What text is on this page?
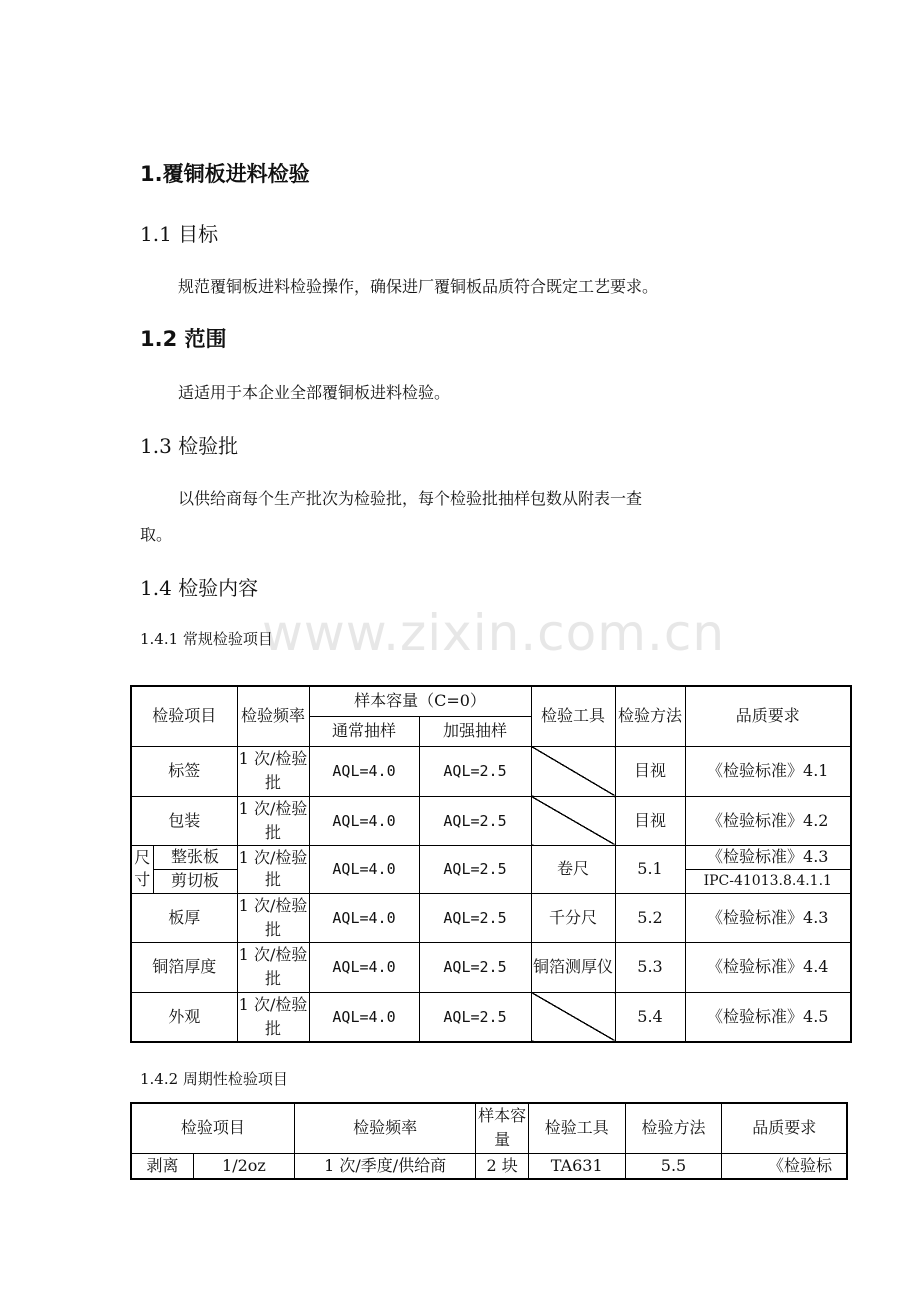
1.覆铜板进料检验
1.1 目标
规范覆铜板进料检验操作，确保进厂覆铜板品质符合既定工艺要求。
1.2 范围
适适用于本企业全部覆铜板进料检验。
1.3 检验批
以供给商每个生产批次为检验批，每个检验批抽样包数从附表一查
取。
1.4 检验内容
www.zixin.com.cn
1.4.1 常规检验项目
检验项目		检验频率	样本容量（C=0）		检验工具	检验方法	品质要求
			通常抽样	加强抽样			
标签		1 次/检验批	AQL=4.0	AQL=2.5		目视	《检验标准》4.1
包装		1 次/检验批	AQL=4.0	AQL=2.5		目视	《检验标准》4.2
尺寸	整张板	1 次/检验批	AQL=4.0	AQL=2.5	卷尺	5.1	《检验标准》4.3
	剪切板						IPC-41013.8.4.1.1
板厚		1 次/检验批	AQL=4.0	AQL=2.5	千分尺	5.2	《检验标准》4.3
铜箔厚度		1 次/检验批	AQL=4.0	AQL=2.5	铜箔测厚仪	5.3	《检验标准》4.4
外观		1 次/检验批	AQL=4.0	AQL=2.5		5.4	《检验标准》4.5
1.4.2 周期性检验项目
检验项目		检验频率	样本容量	检验工具	检验方法	品质要求
剥离	1/2oz	1 次/季度/供给商	2 块	TA631	5.5	《检验标
